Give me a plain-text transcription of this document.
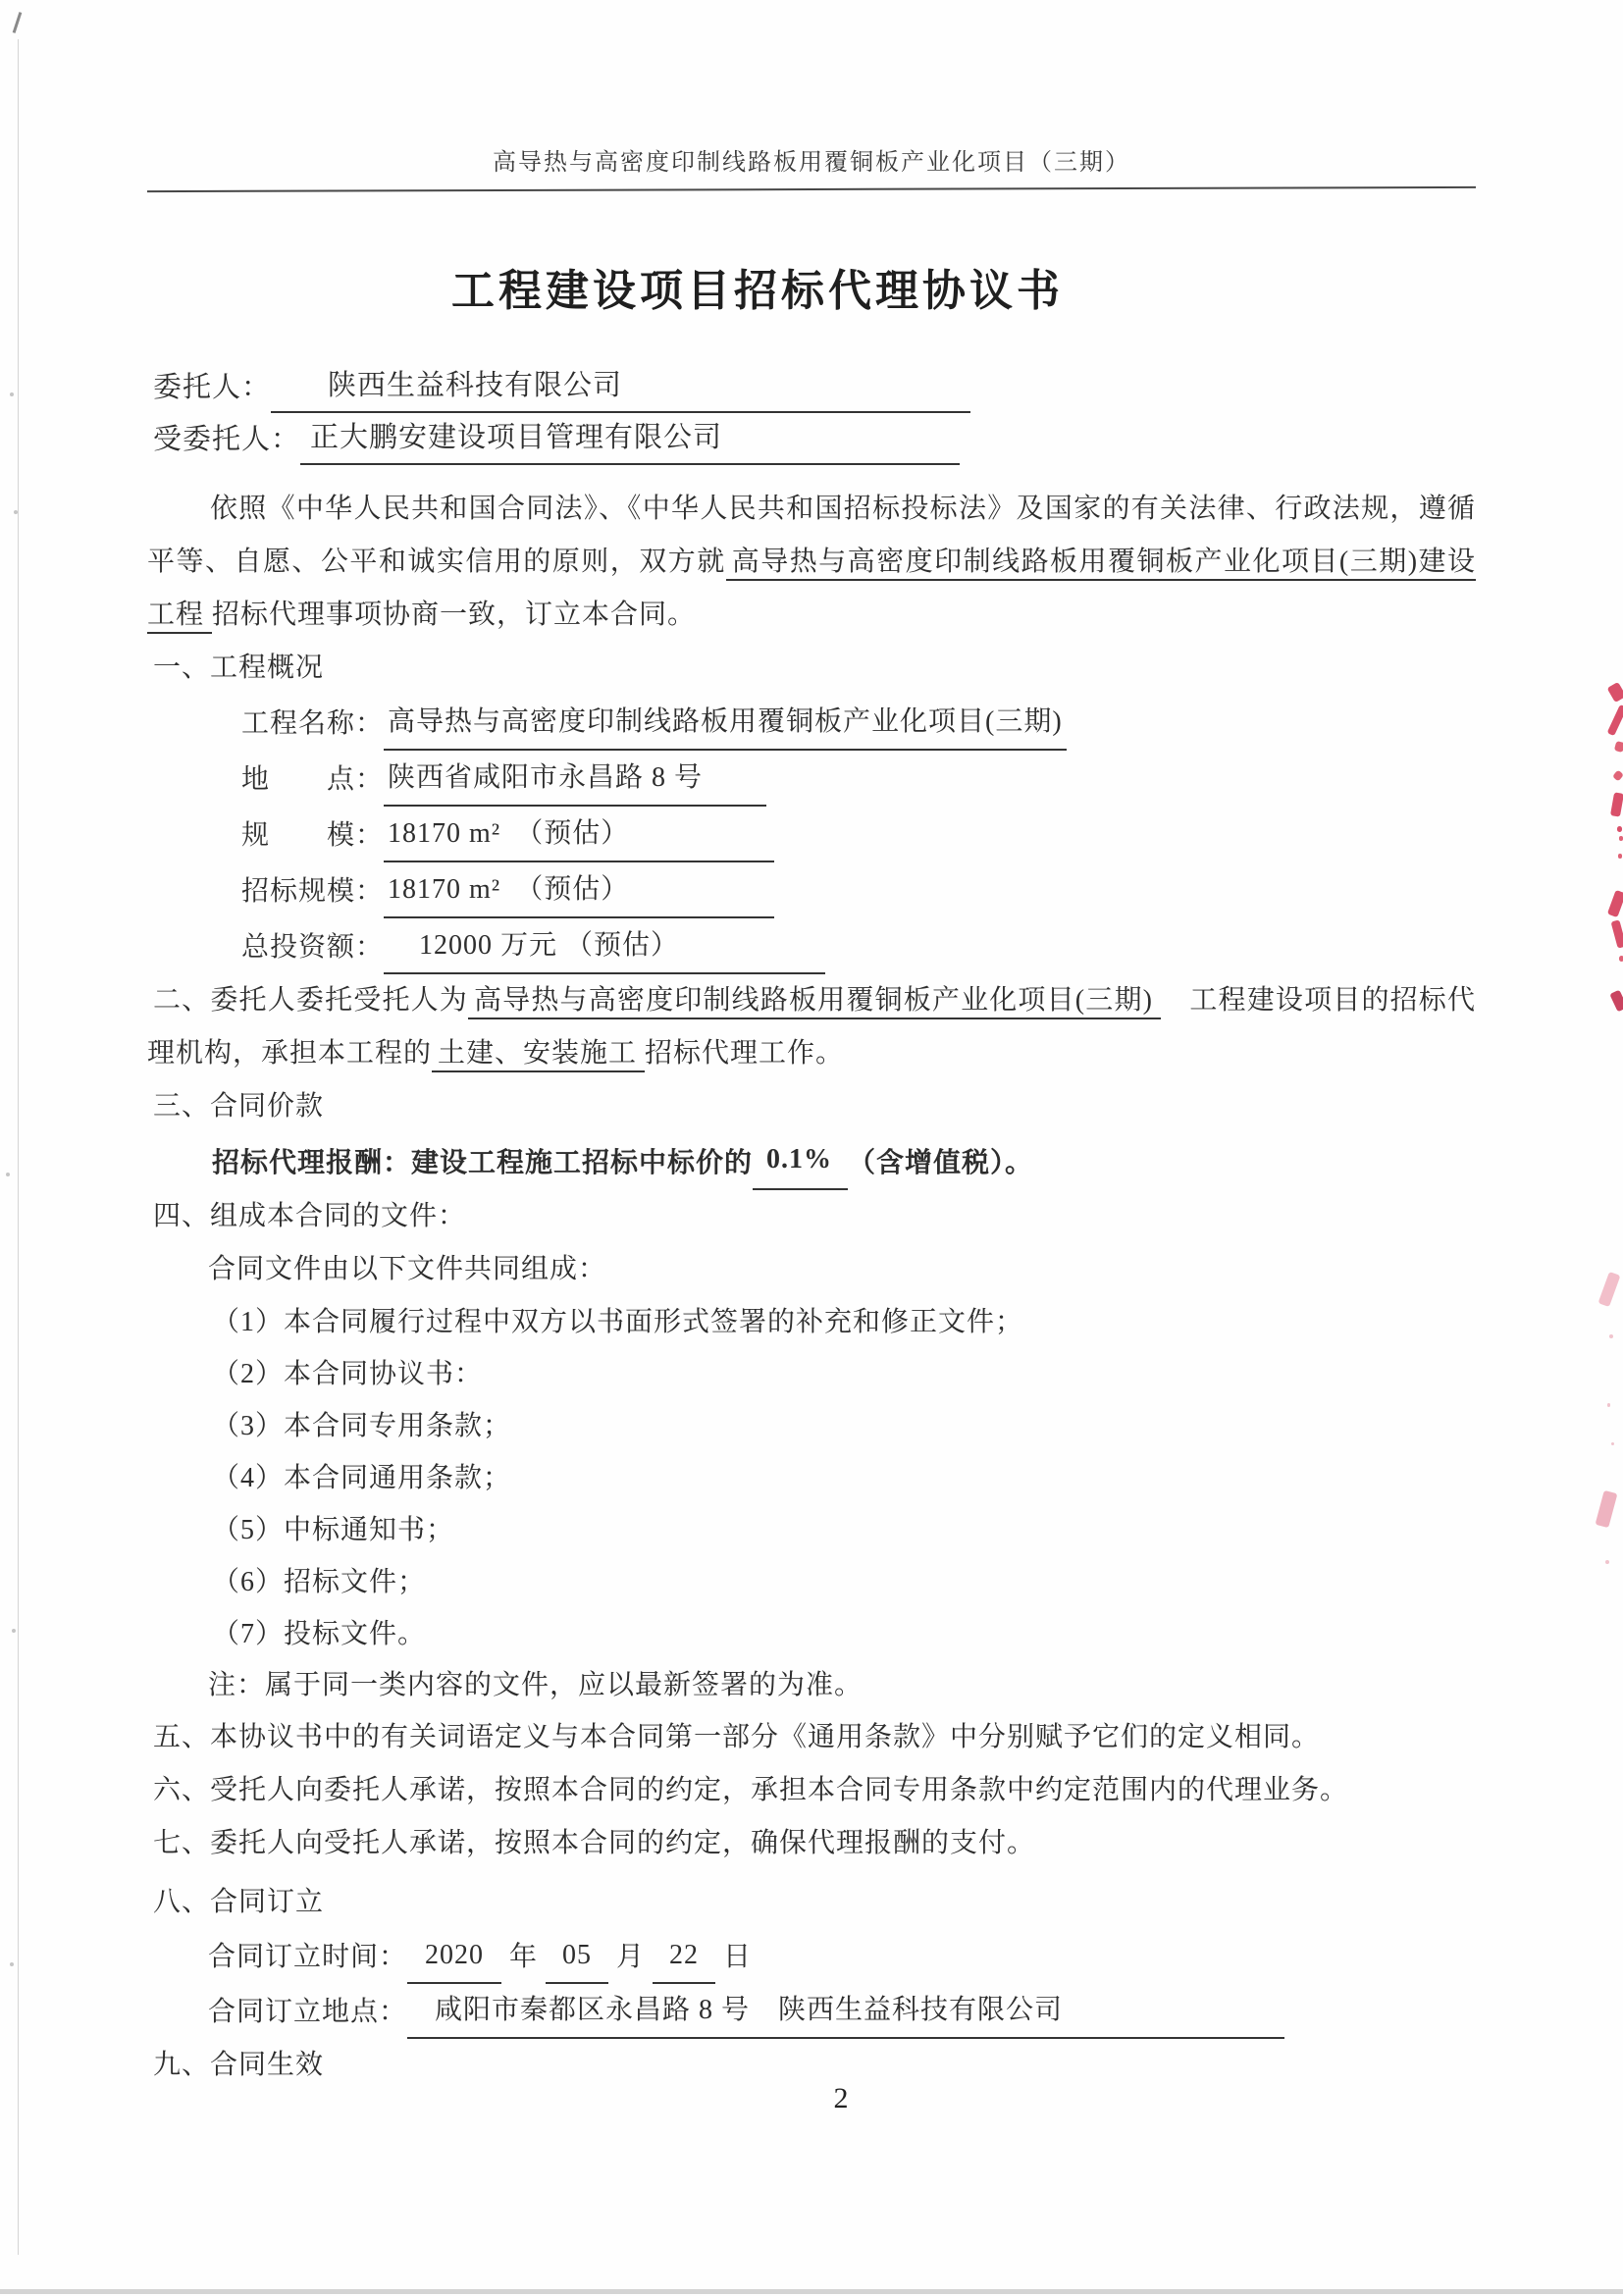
高导热与高密度印制线路板用覆铜板产业化项目（三期）
工程建设项目招标代理协议书
委托人： 陕西生益科技有限公司
受委托人： 正大鹏安建设项目管理有限公司
依照《中华人民共和国合同法》、《中华人民共和国招标投标法》及国家的有关法律、行政法规，遵循平等、自愿、公平和诚实信用的原则，双方就 高导热与高密度印制线路板用覆铜板产业化项目(三期)建设工程 招标代理事项协商一致，订立本合同。
一、工程概况
工程名称： 高导热与高密度印制线路板用覆铜板产业化项目(三期)
地　　点： 陕西省咸阳市永昌路 8 号
规　　模： 18170 m²　（预估）
招标规模： 18170 m²　（预估）
总投资额： 12000 万元 （预估）
二、委托人委托受托人为 高导热与高密度印制线路板用覆铜板产业化项目(三期)　工程建设项目的招标代理机构，承担本工程的 土建、安装施工 招标代理工作。
三、合同价款
招标代理报酬：建设工程施工招标中标价的 0.1% （含增值税）。
四、组成本合同的文件：
合同文件由以下文件共同组成：
（1）本合同履行过程中双方以书面形式签署的补充和修正文件；
（2）本合同协议书：
（3）本合同专用条款；
（4）本合同通用条款；
（5）中标通知书；
（6）招标文件；
（7）投标文件。
注：属于同一类内容的文件，应以最新签署的为准。
五、本协议书中的有关词语定义与本合同第一部分《通用条款》中分别赋予它们的定义相同。
六、受托人向委托人承诺，按照本合同的约定，承担本合同专用条款中约定范围内的代理业务。
七、委托人向受托人承诺，按照本合同的约定，确保代理报酬的支付。
八、合同订立
合同订立时间： 2020 年 05 月 22 日
合同订立地点： 咸阳市秦都区永昌路 8 号　陕西生益科技有限公司
九、合同生效
2
